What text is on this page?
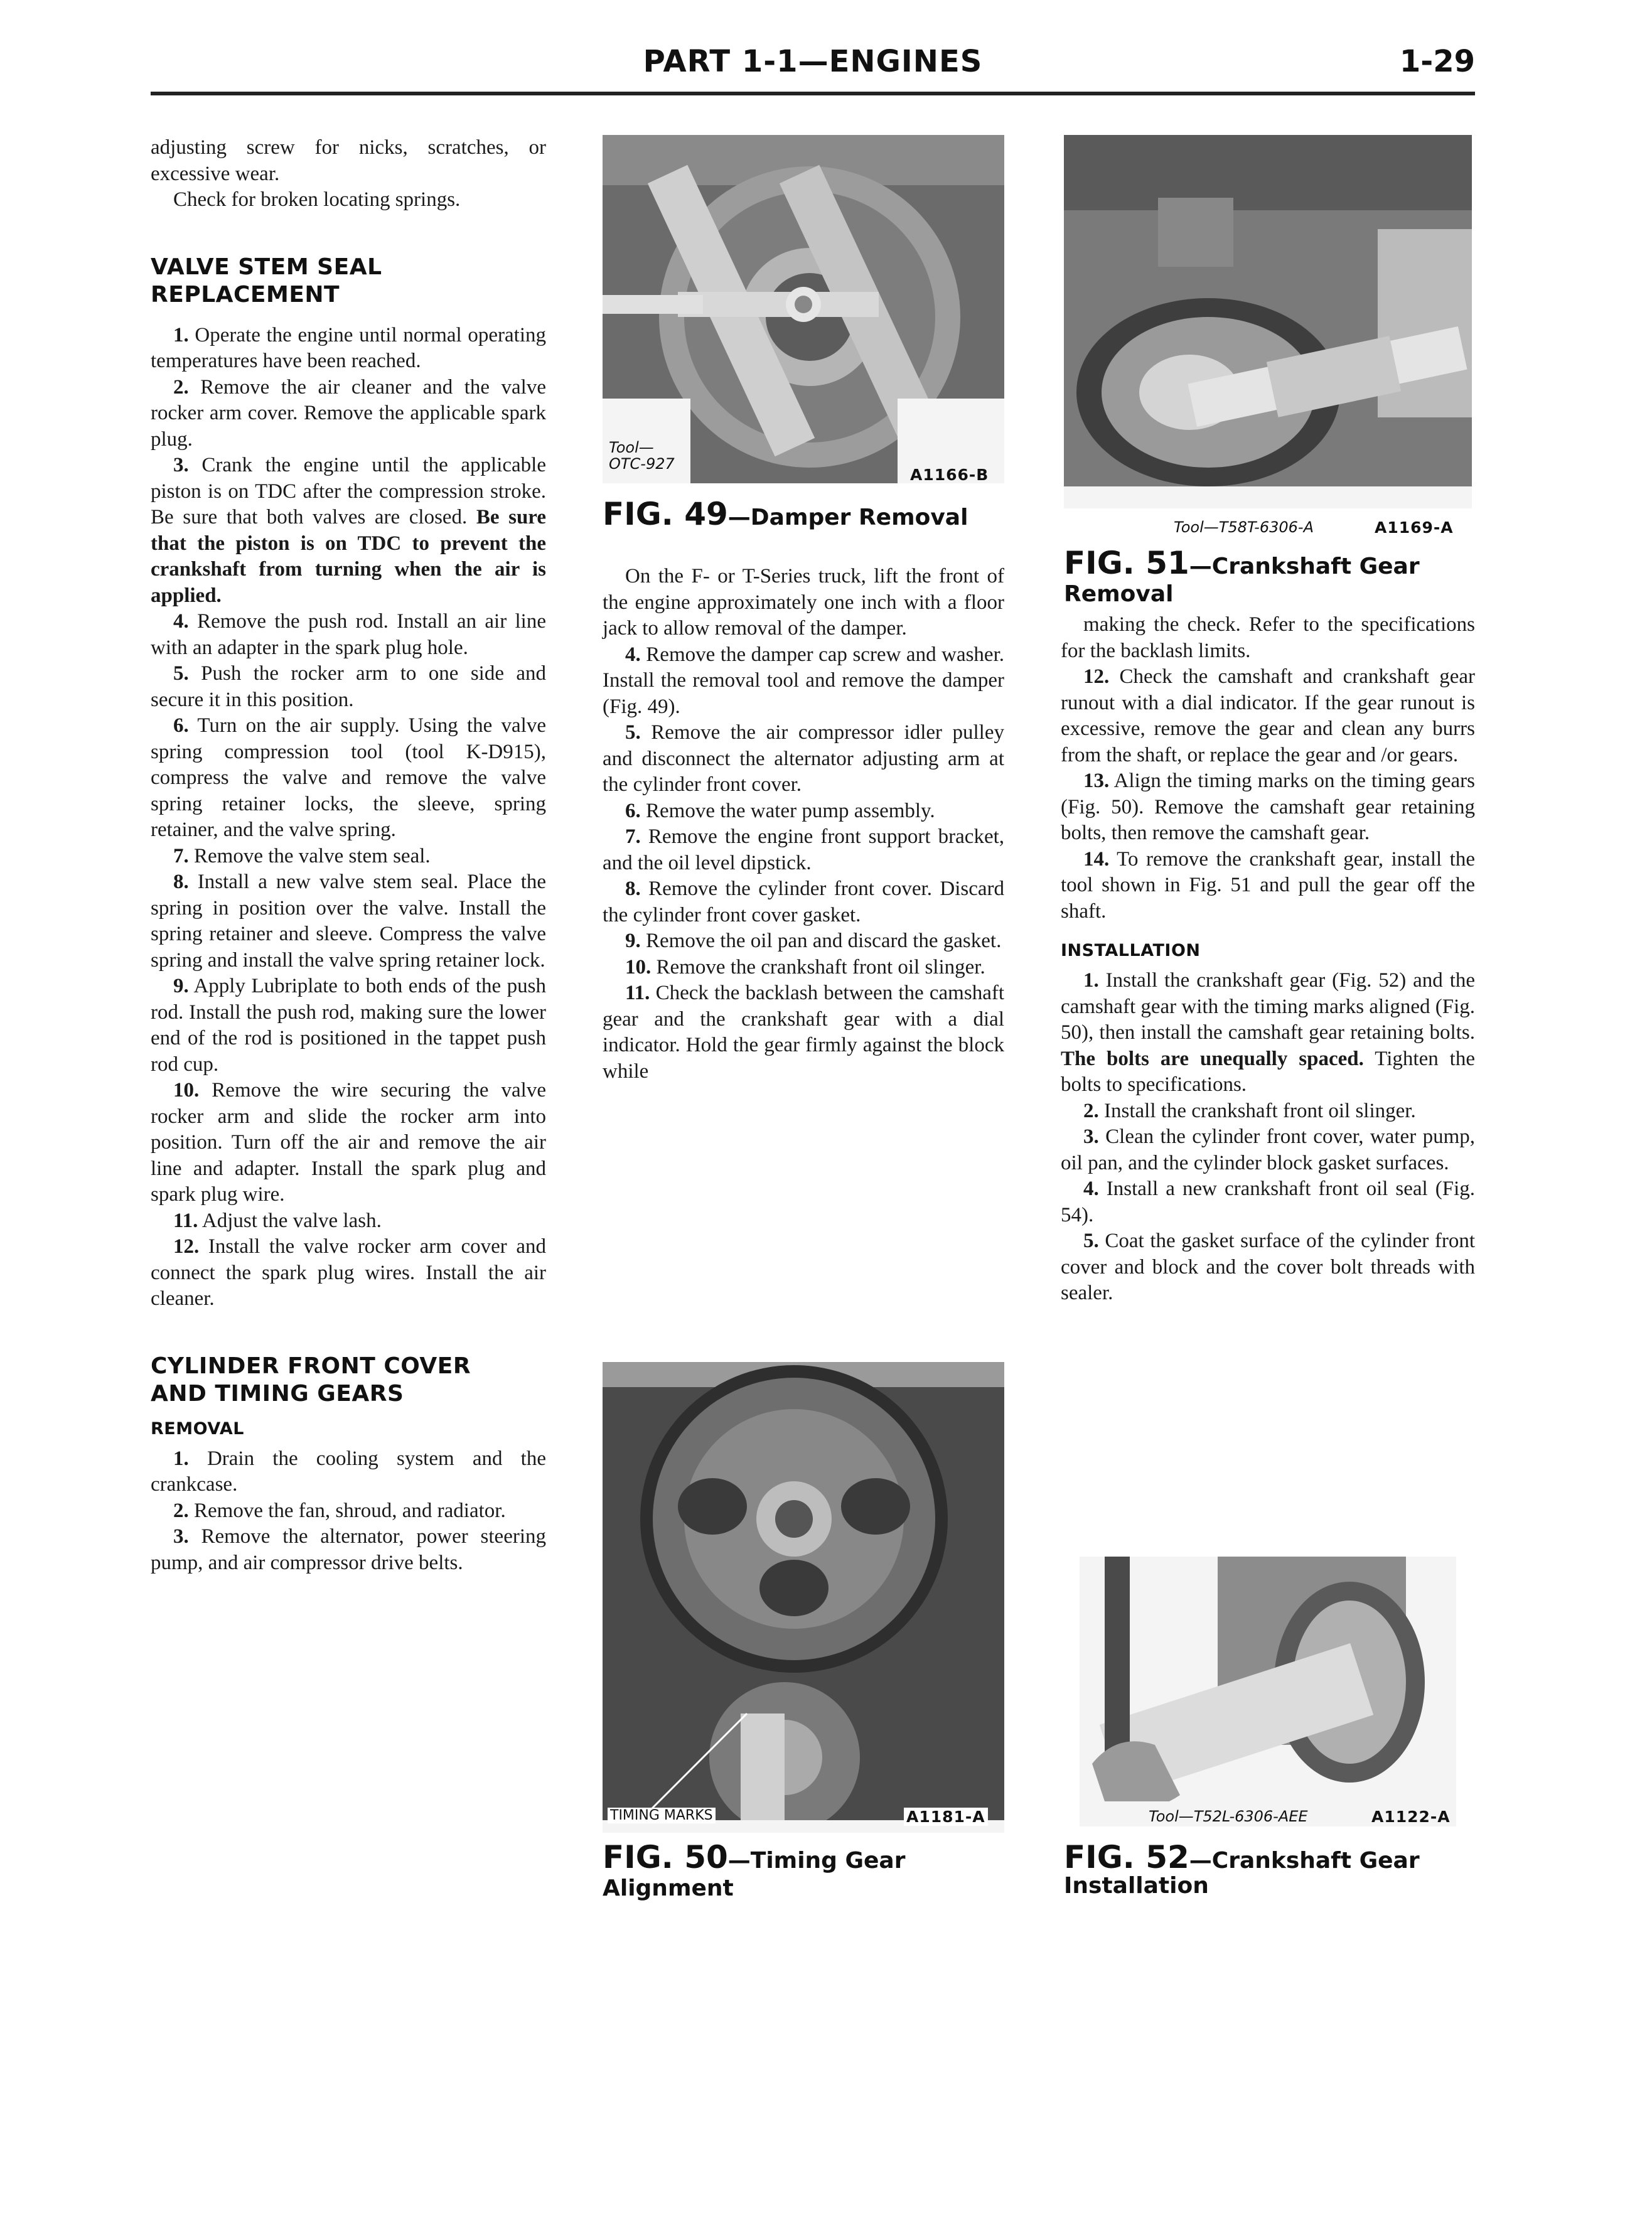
PART 1-1—ENGINES	1-29

adjusting screw for nicks, scratches, or excessive wear.

Check for broken locating springs.

VALVE STEM SEAL
REPLACEMENT

1. Operate the engine until normal operating temperatures have been reached.

2. Remove the air cleaner and the valve rocker arm cover. Remove the applicable spark plug.

3. Crank the engine until the applicable piston is on TDC after the compression stroke. Be sure that both valves are closed. Be sure that the piston is on TDC to prevent the crankshaft from turning when the air is applied.

4. Remove the push rod. Install an air line with an adapter in the spark plug hole.

5. Push the rocker arm to one side and secure it in this position.

6. Turn on the air supply. Using the valve spring compression tool (tool K-D915), compress the valve and remove the valve spring retainer locks, the sleeve, spring retainer, and the valve spring.

7. Remove the valve stem seal.

8. Install a new valve stem seal. Place the spring in position over the valve. Install the spring retainer and sleeve. Compress the valve spring and install the valve spring retainer lock.

9. Apply Lubriplate to both ends of the push rod. Install the push rod, making sure the lower end of the rod is positioned in the tappet push rod cup.

10. Remove the wire securing the valve rocker arm and slide the rocker arm into position. Turn off the air and remove the air line and adapter. Install the spark plug and spark plug wire.

11. Adjust the valve lash.

12. Install the valve rocker arm cover and connect the spark plug wires. Install the air cleaner.

CYLINDER FRONT COVER
AND TIMING GEARS
REMOVAL

1. Drain the cooling system and the crankcase.

2. Remove the fan, shroud, and radiator.

3. Remove the alternator, power steering pump, and air compressor drive belts.

Tool—
OTC-927
A1166-B
FIG. 49—Damper Removal

On the F- or T-Series truck, lift the front of the engine approximately one inch with a floor jack to allow removal of the damper.

4. Remove the damper cap screw and washer. Install the removal tool and remove the damper (Fig. 49).

5. Remove the air compressor idler pulley and disconnect the alternator adjusting arm at the cylinder front cover.

6. Remove the water pump assembly.

7. Remove the engine front support bracket, and the oil level dipstick.

8. Remove the cylinder front cover. Discard the cylinder front cover gasket.

9. Remove the oil pan and discard the gasket.

10. Remove the crankshaft front oil slinger.

11. Check the backlash between the camshaft gear and the crankshaft gear with a dial indicator. Hold the gear firmly against the block while

TIMING MARKS	A1181-A
FIG. 50—Timing Gear Alignment
Tool—T58T-6306-A	A1169-A
FIG. 51—Crankshaft Gear Removal

making the check. Refer to the specifications for the backlash limits.

12. Check the camshaft and crankshaft gear runout with a dial indicator. If the gear runout is excessive, remove the gear and clean any burrs from the shaft, or replace the gear and /or gears.

13. Align the timing marks on the timing gears (Fig. 50). Remove the camshaft gear retaining bolts, then remove the camshaft gear.

14. To remove the crankshaft gear, install the tool shown in Fig. 51 and pull the gear off the shaft.

INSTALLATION

1. Install the crankshaft gear (Fig. 52) and the camshaft gear with the timing marks aligned (Fig. 50), then install the camshaft gear retaining bolts. The bolts are unequally spaced. Tighten the bolts to specifications.

2. Install the crankshaft front oil slinger.

3. Clean the cylinder front cover, water pump, oil pan, and the cylinder block gasket surfaces.

4. Install a new crankshaft front oil seal (Fig. 54).

5. Coat the gasket surface of the cylinder front cover and block and the cover bolt threads with sealer.

Tool—T52L-6306-AEE	A1122-A
FIG. 52—Crankshaft Gear
Installation
